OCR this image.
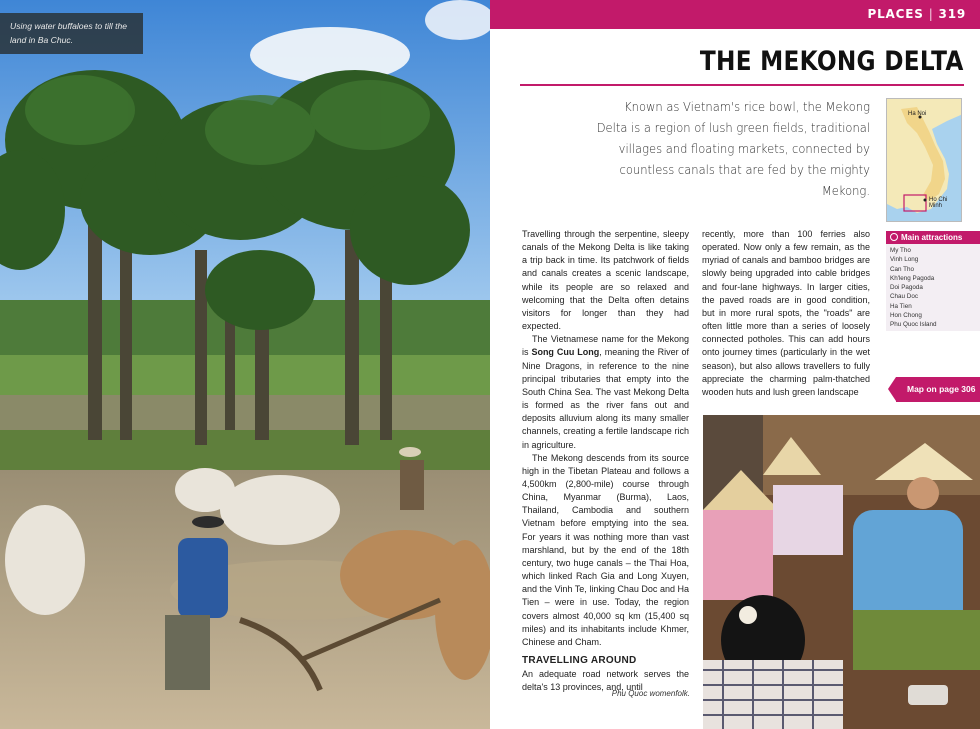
Using water buffaloes to till the land in Ba Chuc.
PLACES | 319
THE MEKONG DELTA
Known as Vietnam's rice bowl, the Mekong Delta is a region of lush green fields, traditional villages and floating markets, connected by countless canals that are fed by the mighty Mekong.
Ha Noi
Ho Chi Minh
Main attractions
My Tho
Vinh Long
Can Tho
Kh'leng Pagoda
Doi Pagoda
Chau Doc
Ha Tien
Hon Chong
Phu Quoc Island

Travelling through the serpentine, sleepy canals of the Mekong Delta is like taking a trip back in time. Its patchwork of fields and canals creates a scenic landscape, while its people are so relaxed and welcoming that the Delta often detains visitors for longer than they had expected.

The Vietnamese name for the Mekong is Song Cuu Long, meaning the River of Nine Dragons, in reference to the nine principal tributaries that empty into the South China Sea. The vast Mekong Delta is formed as the river fans out and deposits alluvium along its many smaller channels, creating a fertile landscape rich in agriculture.

The Mekong descends from its source high in the Tibetan Plateau and follows a 4,500km (2,800-mile) course through China, Myanmar (Burma), Laos, Thailand, Cambodia and southern Vietnam before emptying into the sea. For years it was nothing more than vast marshland, but by the end of the 18th century, two huge canals – the Thai Hoa, which linked Rach Gia and Long Xuyen, and the Vinh Te, linking Chau Doc and Ha Tien – were in use. Today, the region covers almost 40,000 sq km (15,400 sq miles) and its inhabitants include Khmer, Chinese and Cham.

TRAVELLING AROUND

An adequate road network serves the delta's 13 provinces, and, until

recently, more than 100 ferries also operated. Now only a few remain, as the myriad of canals and bamboo bridges are slowly being upgraded into cable bridges and four-lane highways. In larger cities, the paved roads are in good condition, but in more rural spots, the "roads" are often little more than a series of loosely connected potholes. This can add hours onto journey times (particularly in the wet season), but also allows travellers to fully appreciate the charming palm-thatched wooden huts and lush green landscape	Map on page 306
Phu Quoc womenfolk.
